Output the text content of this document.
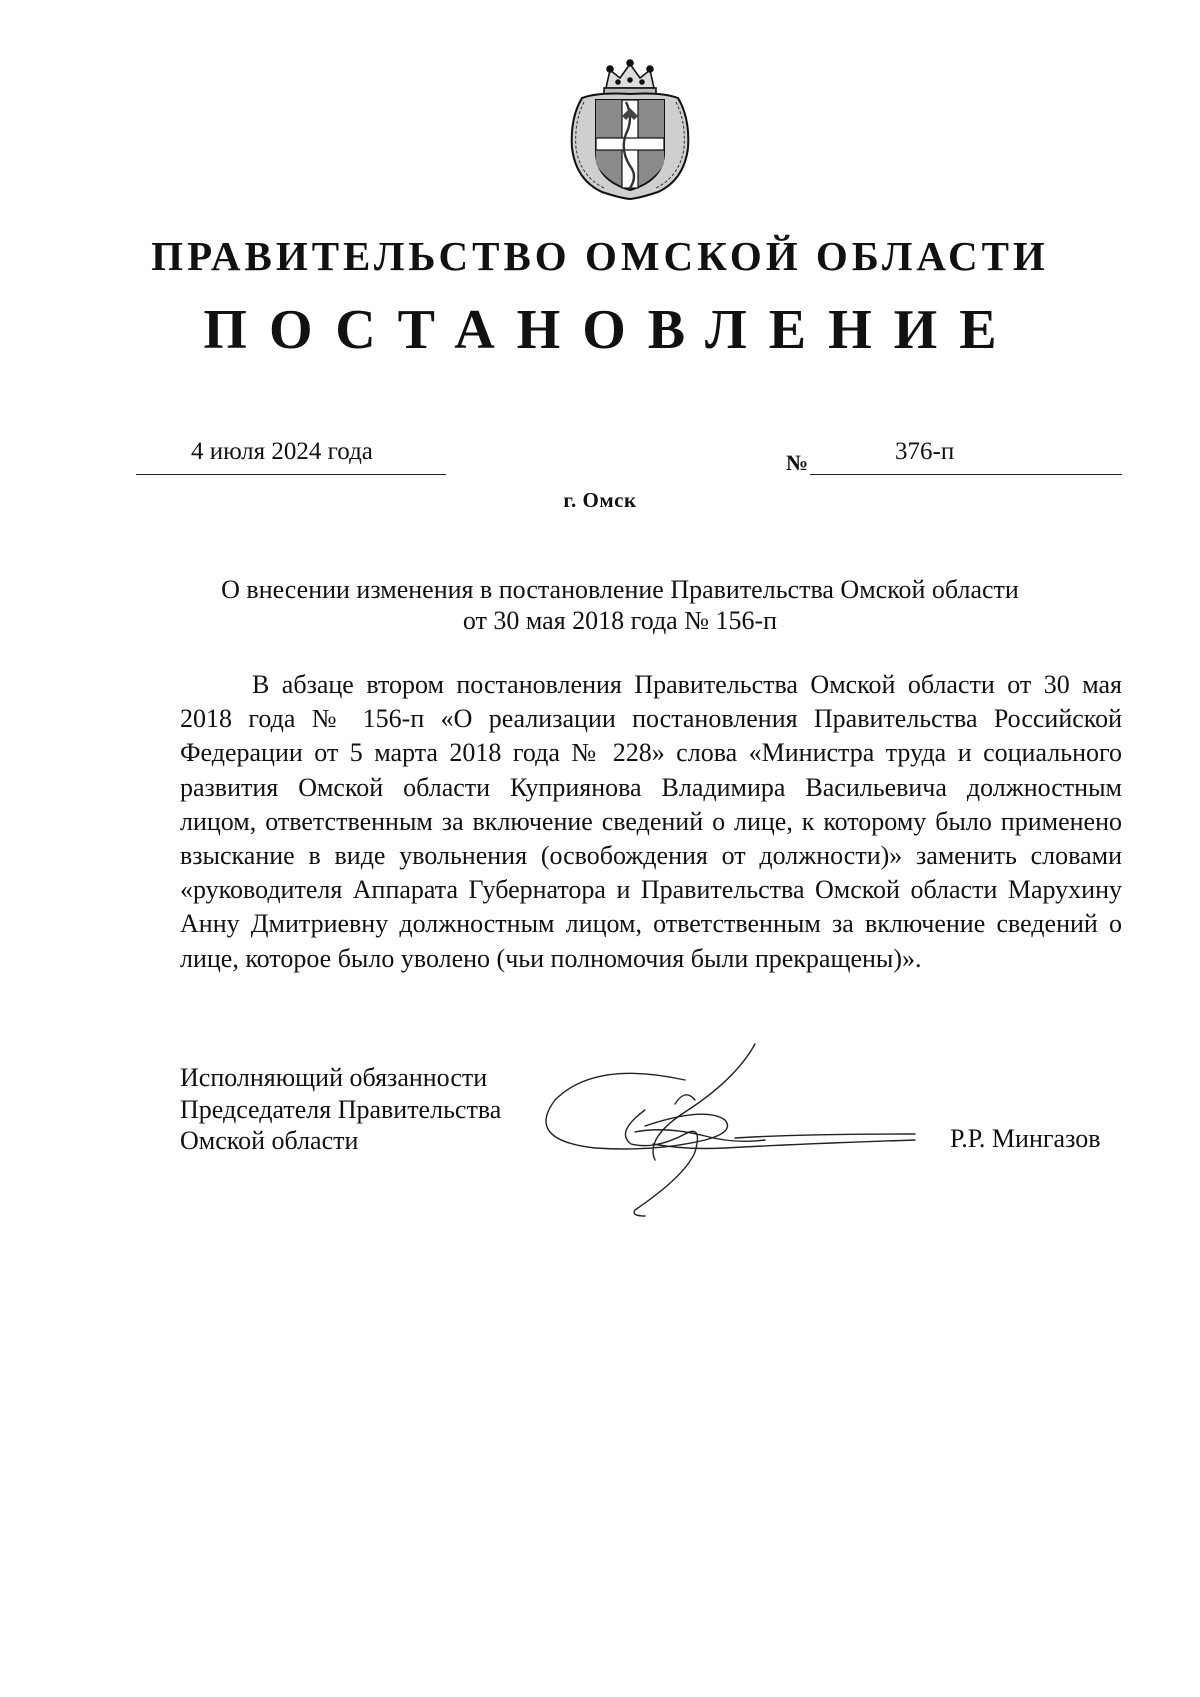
ПРАВИТЕЛЬСТВО ОМСКОЙ ОБЛАСТИ
ПОСТАНОВЛЕНИЕ
4 июля 2024 года	№	376-п
г. Омск
О внесении изменения в постановление Правительства Омской области
от 30 мая 2018 года № 156-п

В абзаце втором постановления Правительства Омской области от 30 мая 2018 года № 156-п «О реализации постановления Правительства Российской Федерации от 5 марта 2018 года № 228» слова «Министра труда и социального развития Омской области Куприянова Владимира Васильевича должностным лицом, ответственным за включение сведений о лице, к которому было применено взыскание в виде увольнения (освобождения от должности)» заменить словами «руководителя Аппарата Губернатора и Правительства Омской области Марухину Анну Дмитриевну должностным лицом, ответственным за включение сведений о лице, которое было уволено (чьи полномочия были прекращены)».

Исполняющий обязанности
Председателя Правительства
Омской области	Р.Р. Мингазов
